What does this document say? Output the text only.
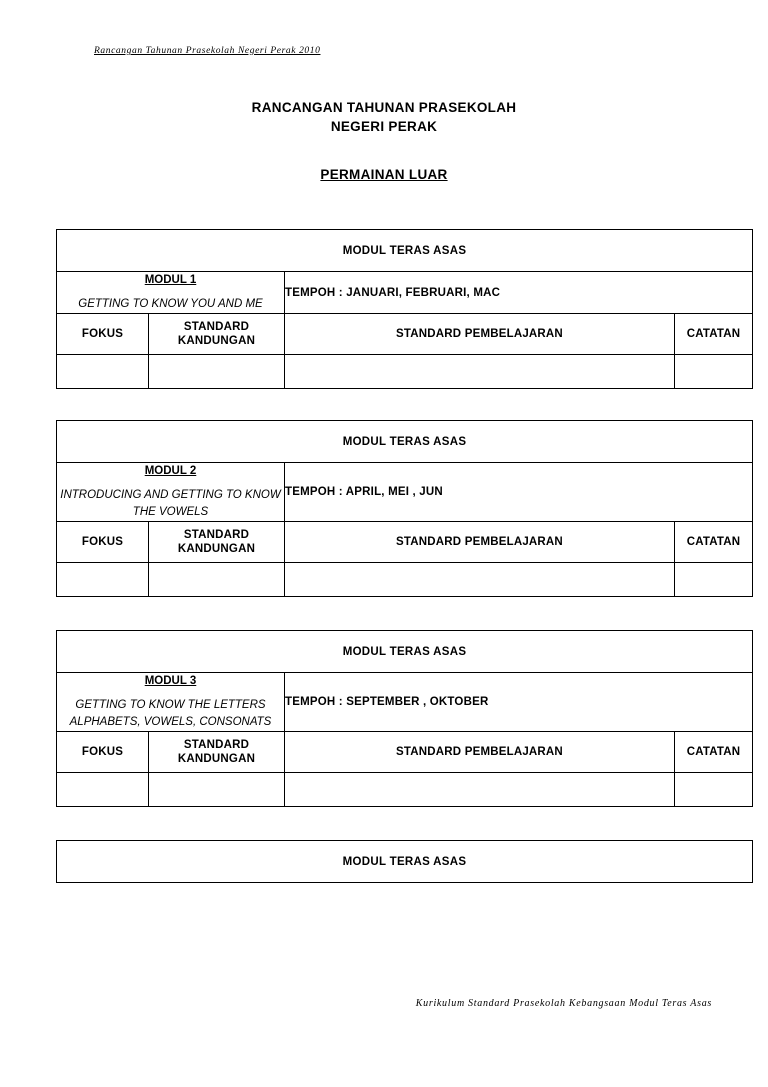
Rancangan Tahunan Prasekolah Negeri Perak 2010
RANCANGAN TAHUNAN PRASEKOLAH
NEGERI PERAK
PERMAINAN LUAR
MODUL TERAS ASAS			

MODUL 1
GETTING TO KNOW YOU AND ME		TEMPOH : JANUARI, FEBRUARI, MAC	
FOKUS	STANDARD KANDUNGAN	STANDARD PEMBELAJARAN	CATATAN

MODUL TERAS ASAS			

MODUL 2
INTRODUCING AND GETTING TO KNOW THE VOWELS		TEMPOH : APRIL, MEI , JUN	
FOKUS	STANDARD KANDUNGAN	STANDARD PEMBELAJARAN	CATATAN

MODUL TERAS ASAS			

MODUL 3
GETTING TO KNOW THE LETTERS ALPHABETS, VOWELS, CONSONATS		TEMPOH : SEPTEMBER , OKTOBER	
FOKUS	STANDARD KANDUNGAN	STANDARD PEMBELAJARAN	CATATAN

MODUL TERAS ASAS
Kurikulum Standard Prasekolah Kebangsaan Modul Teras Asas
